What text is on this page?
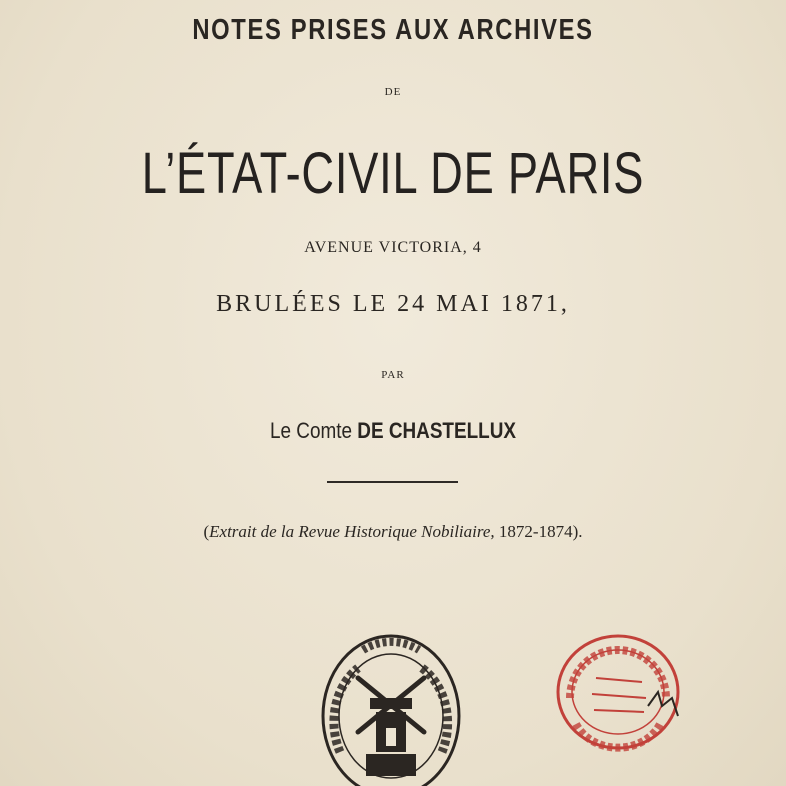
NOTES PRISES AUX ARCHIVES
DE
L’ÉTAT-CIVIL DE PARIS
AVENUE VICTORIA, 4
BRULÉES LE 24 MAI 1871,
PAR
Le Comte DE CHASTELLUX
(Extrait de la Revue Historique Nobiliaire, 1872-1874).
